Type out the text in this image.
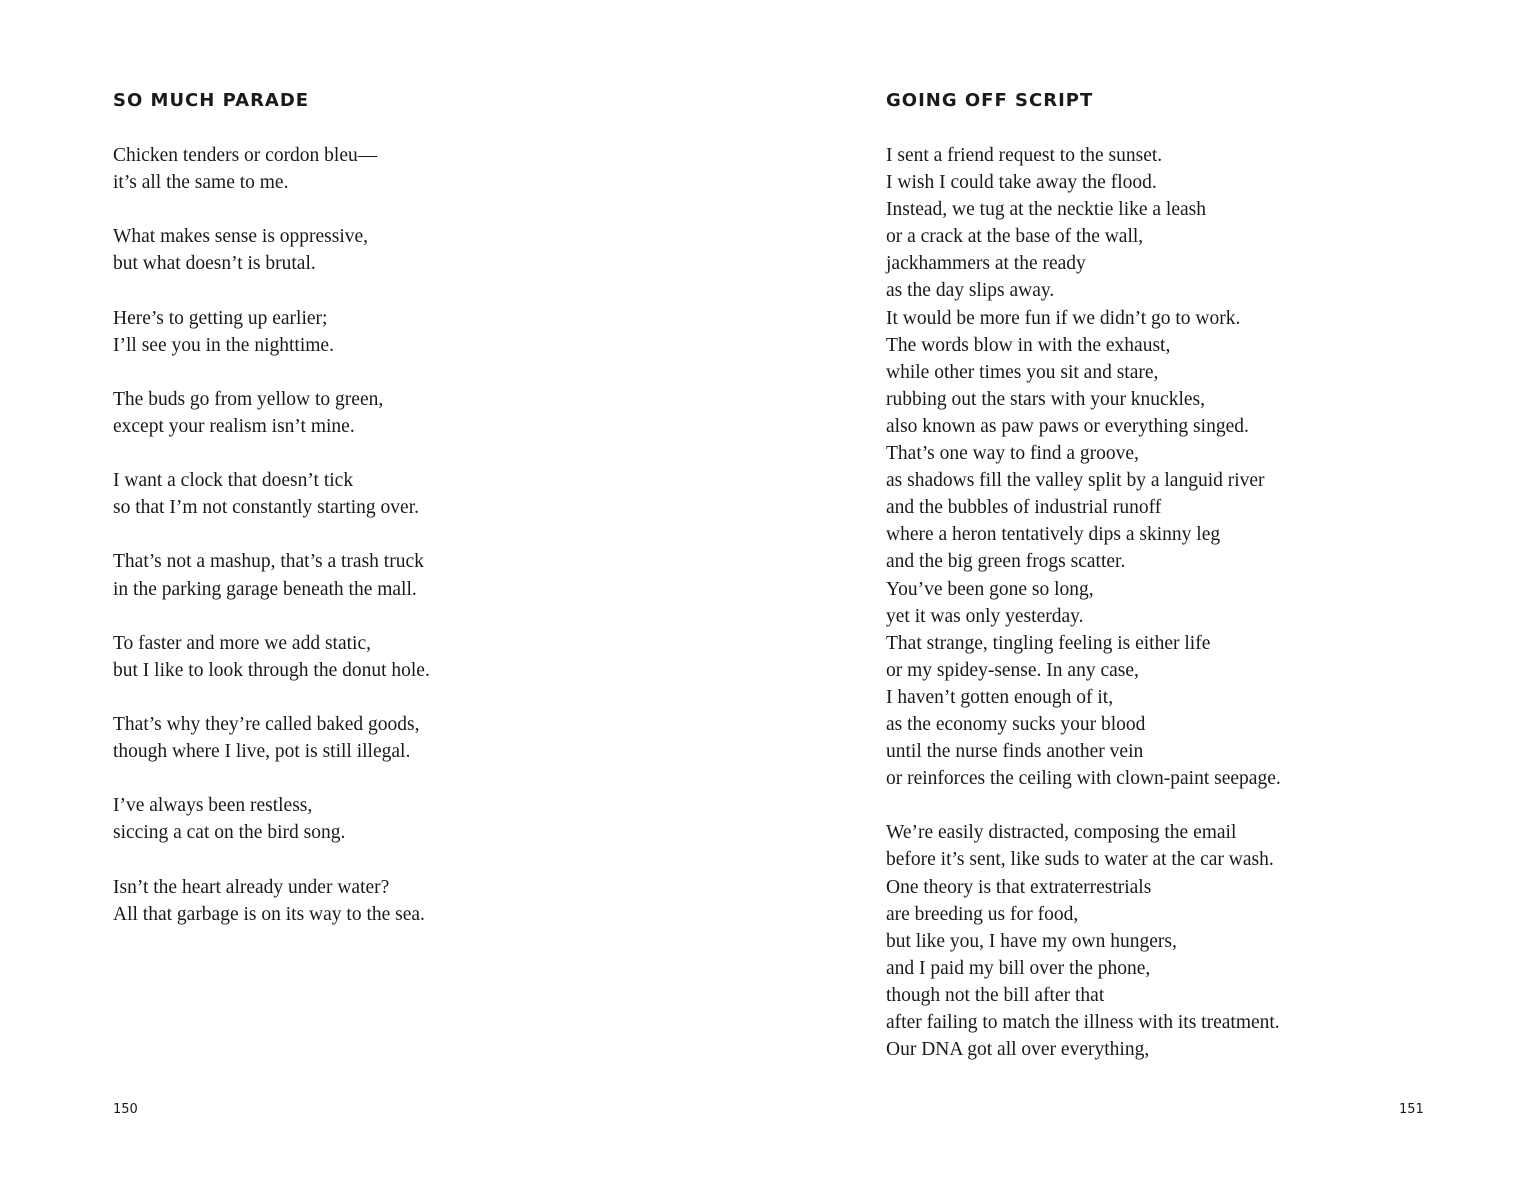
SO MUCH PARADE
Chicken tenders or cordon bleu—
it’s all the same to me.
What makes sense is oppressive,
but what doesn’t is brutal.
Here’s to getting up earlier;
I’ll see you in the nighttime.
The buds go from yellow to green,
except your realism isn’t mine.
I want a clock that doesn’t tick
so that I’m not constantly starting over.
That’s not a mashup, that’s a trash truck
in the parking garage beneath the mall.
To faster and more we add static,
but I like to look through the donut hole.
That’s why they’re called baked goods,
though where I live, pot is still illegal.
I’ve always been restless,
siccing a cat on the bird song.
Isn’t the heart already under water?
All that garbage is on its way to the sea.
150
GOING OFF SCRIPT
I sent a friend request to the sunset.
I wish I could take away the flood.
Instead, we tug at the necktie like a leash
or a crack at the base of the wall,
jackhammers at the ready
as the day slips away.
It would be more fun if we didn’t go to work.
The words blow in with the exhaust,
while other times you sit and stare,
rubbing out the stars with your knuckles,
also known as paw paws or everything singed.
That’s one way to find a groove,
as shadows fill the valley split by a languid river
and the bubbles of industrial runoff
where a heron tentatively dips a skinny leg
and the big green frogs scatter.
You’ve been gone so long,
yet it was only yesterday.
That strange, tingling feeling is either life
or my spidey-sense. In any case,
I haven’t gotten enough of it,
as the economy sucks your blood
until the nurse finds another vein
or reinforces the ceiling with clown-paint seepage.
We’re easily distracted, composing the email
before it’s sent, like suds to water at the car wash.
One theory is that extraterrestrials
are breeding us for food,
but like you, I have my own hungers,
and I paid my bill over the phone,
though not the bill after that
after failing to match the illness with its treatment.
Our DNA got all over everything,
151
